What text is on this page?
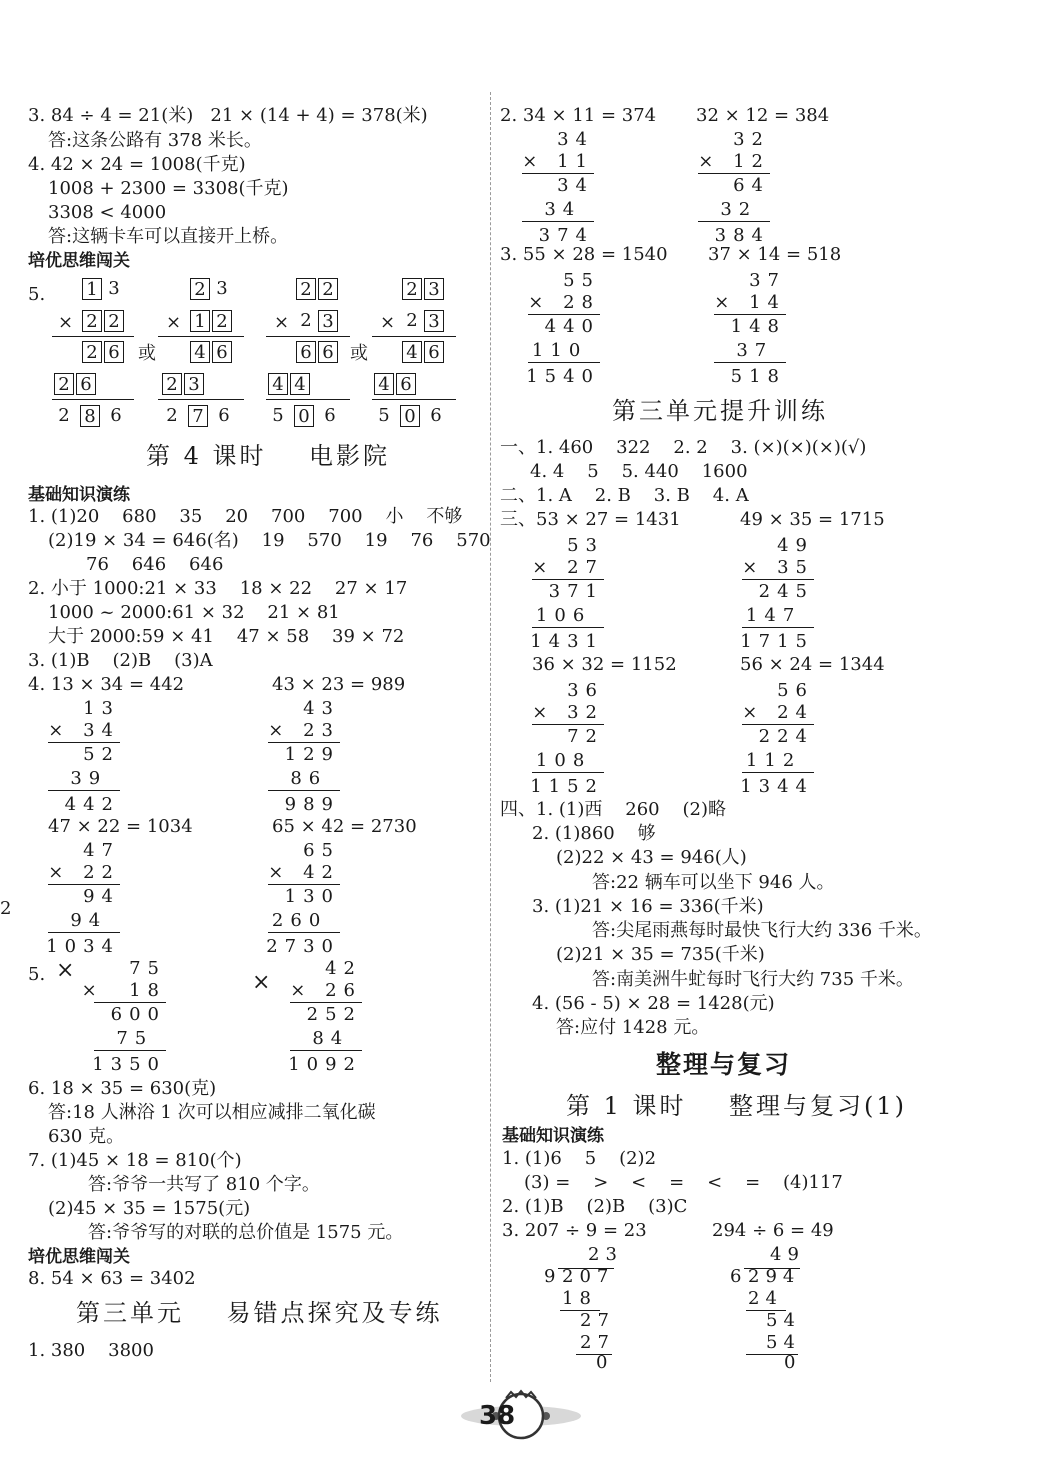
2
3. 84 ÷ 4 = 21(米)   21 × (14 + 4) = 378(米)
答:这条公路有 378 米长。
4. 42 × 24 = 1008(千克)
1008 + 2300 = 3308(千克)
3308 < 4000
答:这辆卡车可以直接开上桥。
培优思维闯关
5. 1 3
× 2 2
2 6 或
2 6
2 8 6
2 3
× 1 2
4 6
2 3
2 7 6
2 2
× 2 3
6 6 或
4 4
5 0 6
2 3
× 2 3
4 6
4 6
5 0 6
第 4 课时    电影院
基础知识演练
1. (1)20    680    35    20    700    700    小    不够
(2)19 × 34 = 646(名)    19    570    19    76    570
76    646    646
2. 小于 1000:21 × 33    18 × 22    27 × 17
1000 ~ 2000:61 × 32    21 × 81
大于 2000:59 × 41    47 × 58    39 × 72
3. (1)B    (2)B    (3)A
4. 13 × 34 = 442	43 × 23 = 989
13
× 34
52
39
442
43
× 23
129
86
989
47 × 22 = 1034	65 × 42 = 2730
47
× 22
94
94
1034
65
× 42
130
260
2730
5. ×	×
75
×  18
600
75
1350
42
× 26
252
84
1092
6. 18 × 35 = 630(克)
答:18 人淋浴 1 次可以相应减排二氧化碳
630 克。
7. (1)45 × 18 = 810(个)
答:爷爷一共写了 810 个字。
(2)45 × 35 = 1575(元)
答:爷爷写的对联的总价值是 1575 元。
培优思维闯关
8. 54 × 63 = 3402
第三单元    易错点探究及专练
1. 380    3800
2. 34 × 11 = 374 32 × 12 = 384
34
× 11
34
34
374
32
× 12
64
32
384
3. 55 × 28 = 1540 37 × 14 = 518
55
× 28
440
110
1540
37
× 14
148
37
518
第三单元提升训练
一、1. 460    322    2. 2    3. (×)(×)(×)(√)
4. 4    5    5. 440    1600
二、1. A    2. B    3. B    4. A
三、53 × 27 = 1431	49 × 35 = 1715
53
× 27
371
106
1431
49
× 35
245
147
1715
36 × 32 = 1152	56 × 24 = 1344
36
× 32
72
108
1152
56
× 24
224
112
1344
四、1. (1)西    260    (2)略
2. (1)860    够
(2)22 × 43 = 946(人)
答:22 辆车可以坐下 946 人。
3. (1)21 × 16 = 336(千米)
答:尖尾雨燕每时最快飞行大约 336 千米。
(2)21 × 35 = 735(千米)
答:南美洲牛虻每时飞行大约 735 千米。
4. (56 - 5) × 28 = 1428(元)
答:应付 1428 元。
整理与复习
第 1 课时    整理与复习(1)
基础知识演练
1. (1)6    5    (2)2
(3) =    >    <    =    <    =    (4)117
2. (1)B    (2)B    (3)C
3. 207 ÷ 9 = 23	294 ÷ 6 = 49
23
9 207
18
27
27
0
49
6 294
24
54
54
0
38
